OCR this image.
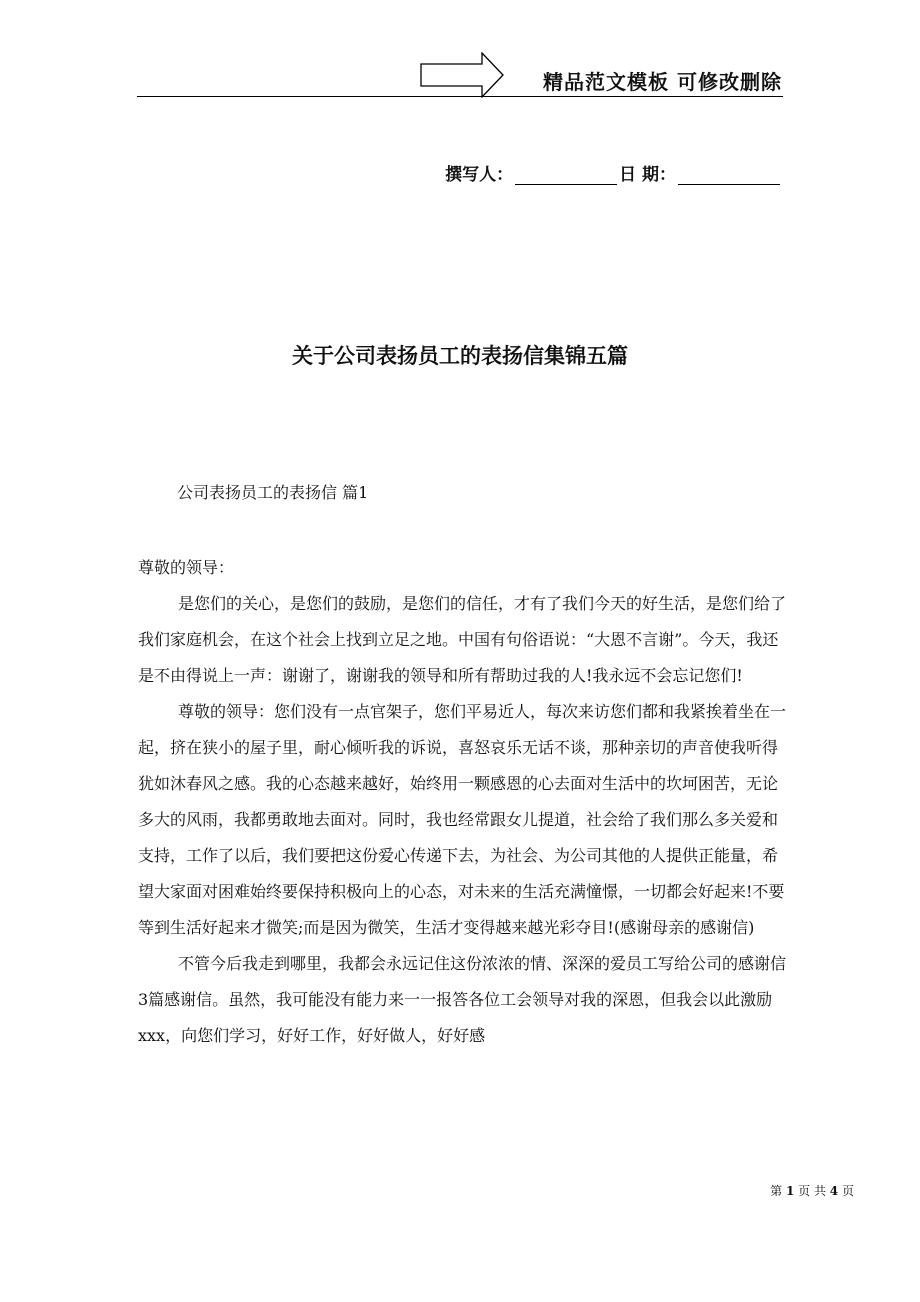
精品范文模板 可修改删除
撰写人：	日 期：
关于公司表扬员工的表扬信集锦五篇
公司表扬员工的表扬信 篇1

尊敬的领导：

是您们的关心，是您们的鼓励，是您们的信任，才有了我们今天的好生活，是您们给了我们家庭机会，在这个社会上找到立足之地。中国有句俗语说：“大恩不言谢”。今天，我还是不由得说上一声：谢谢了，谢谢我的领导和所有帮助过我的人!我永远不会忘记您们!

尊敬的领导：您们没有一点官架子，您们平易近人，每次来访您们都和我紧挨着坐在一起，挤在狭小的屋子里，耐心倾听我的诉说，喜怒哀乐无话不谈，那种亲切的声音使我听得犹如沐春风之感。我的心态越来越好，始终用一颗感恩的心去面对生活中的坎坷困苦，无论多大的风雨，我都勇敢地去面对。同时，我也经常跟女儿提道，社会给了我们那么多关爱和支持，工作了以后，我们要把这份爱心传递下去，为社会、为公司其他的人提供正能量，希望大家面对困难始终要保持积极向上的心态，对未来的生活充满憧憬，一切都会好起来!不要等到生活好起来才微笑;而是因为微笑，生活才变得越来越光彩夺目!(感谢母亲的感谢信)

不管今后我走到哪里，我都会永远记住这份浓浓的情、深深的爱员工写给公司的感谢信3篇感谢信。虽然，我可能没有能力来一一报答各位工会领导对我的深恩，但我会以此激励xxx，向您们学习，好好工作，好好做人，好好感

第 1 页 共 4 页
